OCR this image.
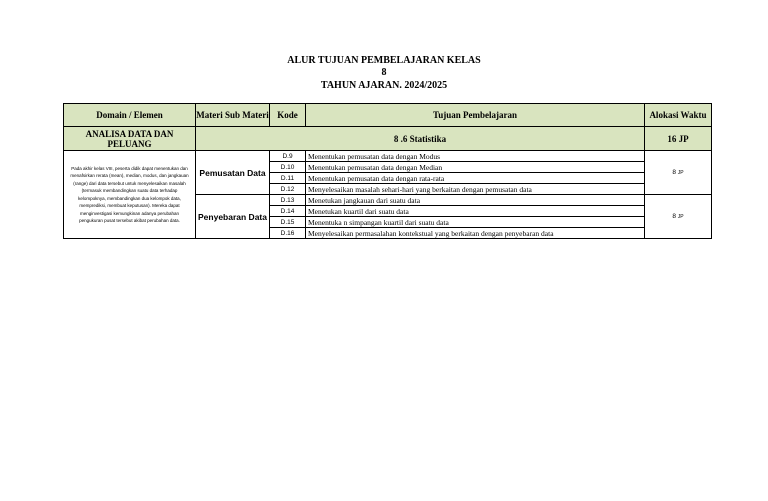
ALUR TUJUAN PEMBELAJARAN KELAS
8
TAHUN AJARAN. 2024/2025
Domain / Elemen	Materi Sub Materi	Kode	Tujuan Pembelajaran	Alokasi Waktu
ANALISA DATA DAN PELUANG	8 .6 Statistika			16 JP
Pada akhir kelas VIII, peserta didik dapat menentukan dan menafsirkan rerata (mean), median, modus, dan jangkauan (range) dari data tersebut untuk menyelesaikan masalah (termasuk membandingkan suatu data terhadap kelompoknya, membandingkan dua kelompok data, memprediksi, membuat keputusan). Mereka dapat menginvestigasi kemungkinan adanya perubahan pengukuran pusat tersebut akibat perubahan data.	Pemusatan Data	D.9	Menentukan pemusatan data dengan Modus	8 JP
		D.10	Menentukan pemusatan data dengan Median	
		D.11	Menentukan pemusatan data dengan rata-rata	
		D.12	Menyelesaikan masalah sehari-hari yang berkaitan dengan pemusatan data	
	Penyebaran Data	D.13	Menetukan jangkauan dari suatu data	8 JP
		D.14	Menetukan kuartil dari suatu data	
		D.15	Menentuka n simpangan kuartil dari suatu data	
		D.16	Menyelesaikan permasalahan kontekstual yang berkaitan dengan penyebaran data	
